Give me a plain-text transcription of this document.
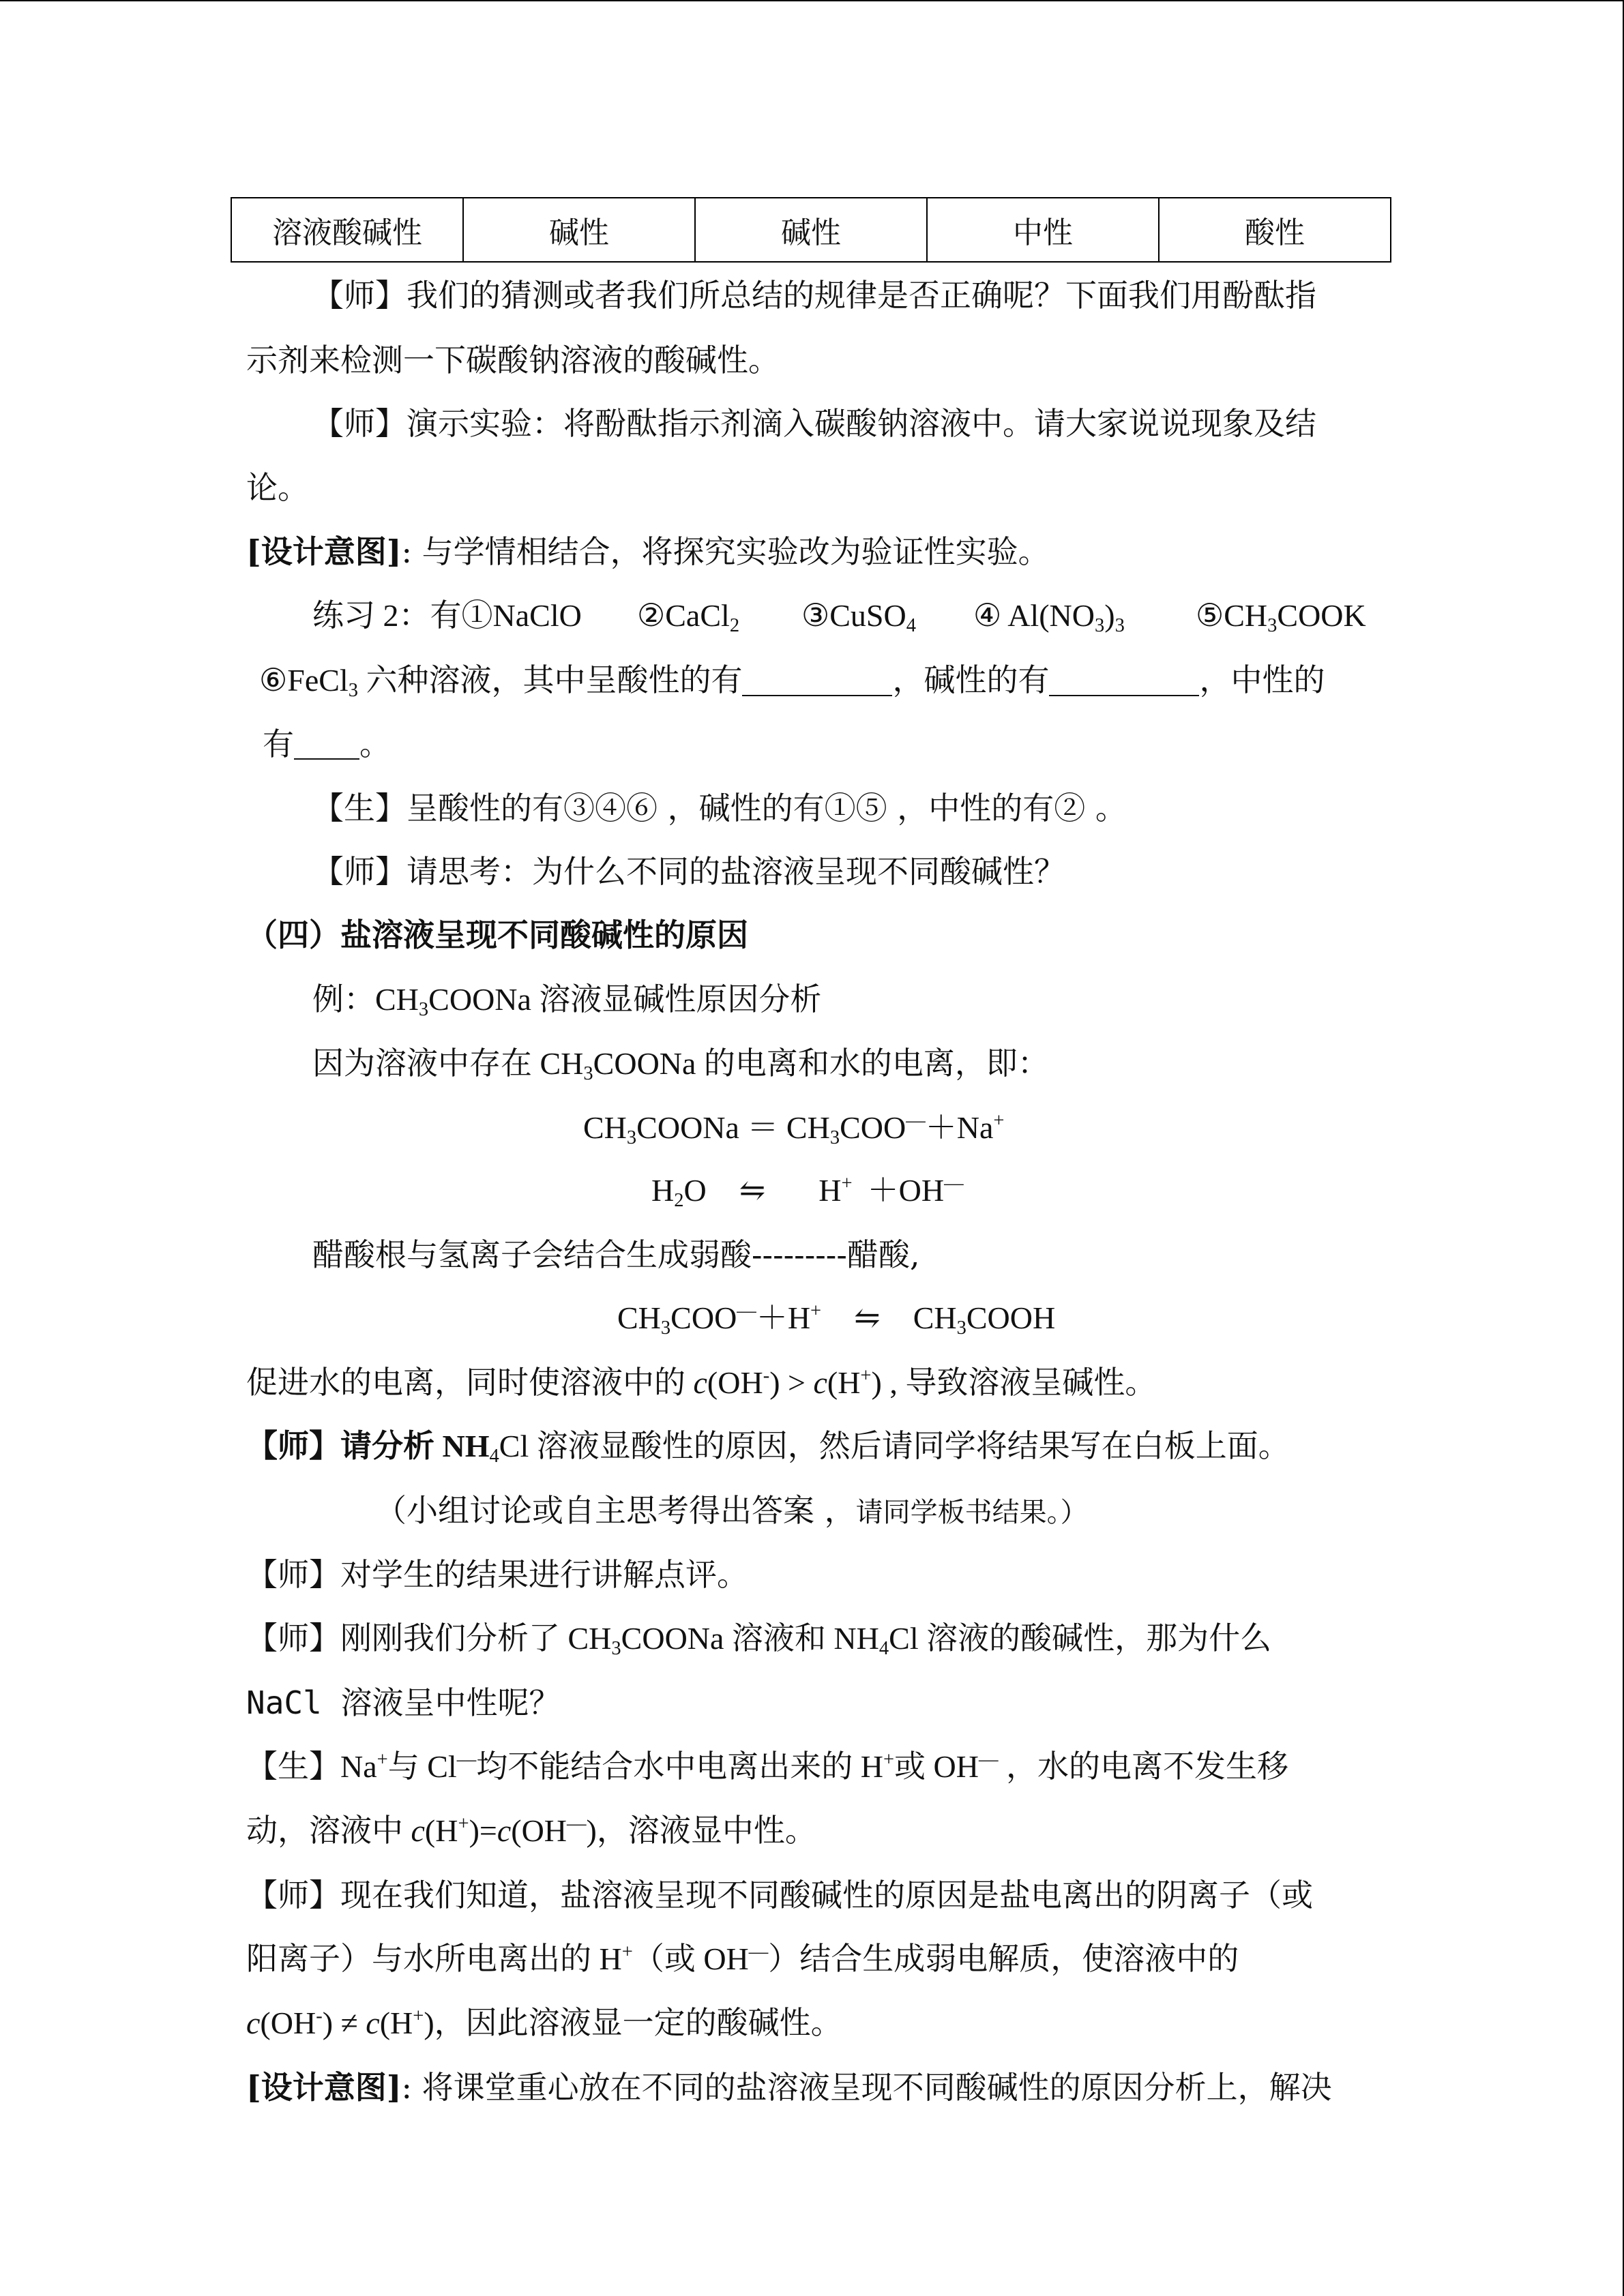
溶液酸碱性	碱性	碱性	中性	酸性
【师】我们的猜测或者我们所总结的规律是否正确呢？下面我们用酚酞指
示剂来检测一下碳酸钠溶液的酸碱性。
【师】演示实验：将酚酞指示剂滴入碳酸钠溶液中。请大家说说现象及结
论。
[设计意图]: 与学情相结合，将探究实验改为验证性实验。
练习 2：有①NaClO ②CaCl$_2$ ③CuSO$_4$ ④ $Al(NO_3)_3$ $⑤CH_3COOK$
⑥FeCl$_3$ 六种溶液，其中呈酸性的有	，碱性的有	，中性的
有 。
【生】呈酸性的有③④⑥ ，碱性的有①⑤ ，中性的有② 。
【师】请思考：为什么不同的盐溶液呈现不同酸碱性？
（四）盐溶液呈现不同酸碱性的原因
例：$CH_3COONa$ 溶液显碱性原因分析
因为溶液中存在 $CH_3COONa$ 的电离和水的电离，即：
$CH_3COONa = CH_3COO^—+Na^+$
$H_2O$ ⇋ H+ ＋OH—
醋酸根与氢离子会结合生成弱酸---------醋酸,
$CH_3COO^—+H^+$ ⇋ $CH_3COOH$
促进水的电离，同时使溶液中的 c(OH-) > c(H+) , 导致溶液呈碱性。
【师】请分析 $NH_4Cl$ 溶液显酸性的原因，然后请同学将结果写在白板上面。
（小组讨论或自主思考得出答案 ，请同学板书结果。）
【师】对学生的结果进行讲解点评。
【师】刚刚我们分析了 $CH_3COONa$ 溶液和 $NH_4Cl$ 溶液的酸碱性，那为什么
NaCl 溶液呈中性呢？
【生】Na+与 Cl—均不能结合水中电离出来的 H+或 OH— ，水的电离不发生移
动，溶液中 c(H+)=c(OH—)，溶液显中性。
【师】现在我们知道，盐溶液呈现不同酸碱性的原因是盐电离出的阴离子（或
阳离子）与水所电离出的 H+（或 OH—）结合生成弱电解质，使溶液中的
c(OH-) ≠ c(H+)，因此溶液显一定的酸碱性。
[设计意图]: 将课堂重心放在不同的盐溶液呈现不同酸碱性的原因分析上，解决
